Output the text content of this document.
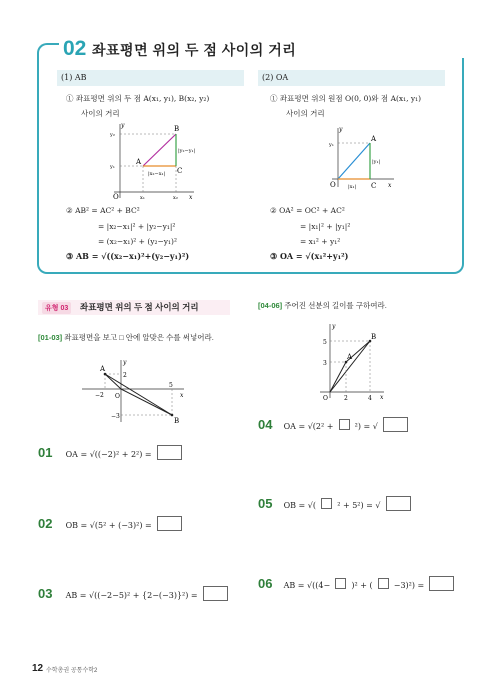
02 좌표평면 위의 두 점 사이의 거리
(1) AB
① 좌표평면 위의 두 점 A(x₁, y₁), B(x₂, y₂)
사이의 거리
A
B
C
O	x
y
y₂
y₁
x₁	x₂
|x₂−x₁|
|y₂−y₁|
② AB² = AC² + BC²
= |x₂−x₁|² + |y₂−y₁|²
= (x₂−x₁)² + (y₂−y₁)²
③ AB = √((x₂−x₁)²+(y₂−y₁)²)
(2) OA
① 좌표평면 위의 원점 O(0, 0)와 점 A(x₁, y₁)
사이의 거리
A
C
O	x
y
y₁
|x₁|
|y₁|
② OA² = OC² + AC²
= |x₁|² + |y₁|²
= x₁² + y₁²
③ OA = √(x₁²+y₁²)
유형 03	좌표평면 위의 두 점 사이의 거리
[01-03] 좌표평면을 보고 □ 안에 알맞은 수를 써넣어라.
[04-06] 주어진 선분의 길이를 구하여라.
A
B
O	x
y
2
−2
5
−3
A
B
O	x
y
5
3
2	4
01 OA = √((−2)² + 2²) =
02 OB = √(5² + (−3)²) =
03 AB = √((−2−5)² + {2−(−3)}²) =
04 OA = √(2² +	²) = √
05 OB = √(	² + 5²) = √
06 AB = √((4−	)² + (	−3)²) =
12 수학총권 공통수학2
